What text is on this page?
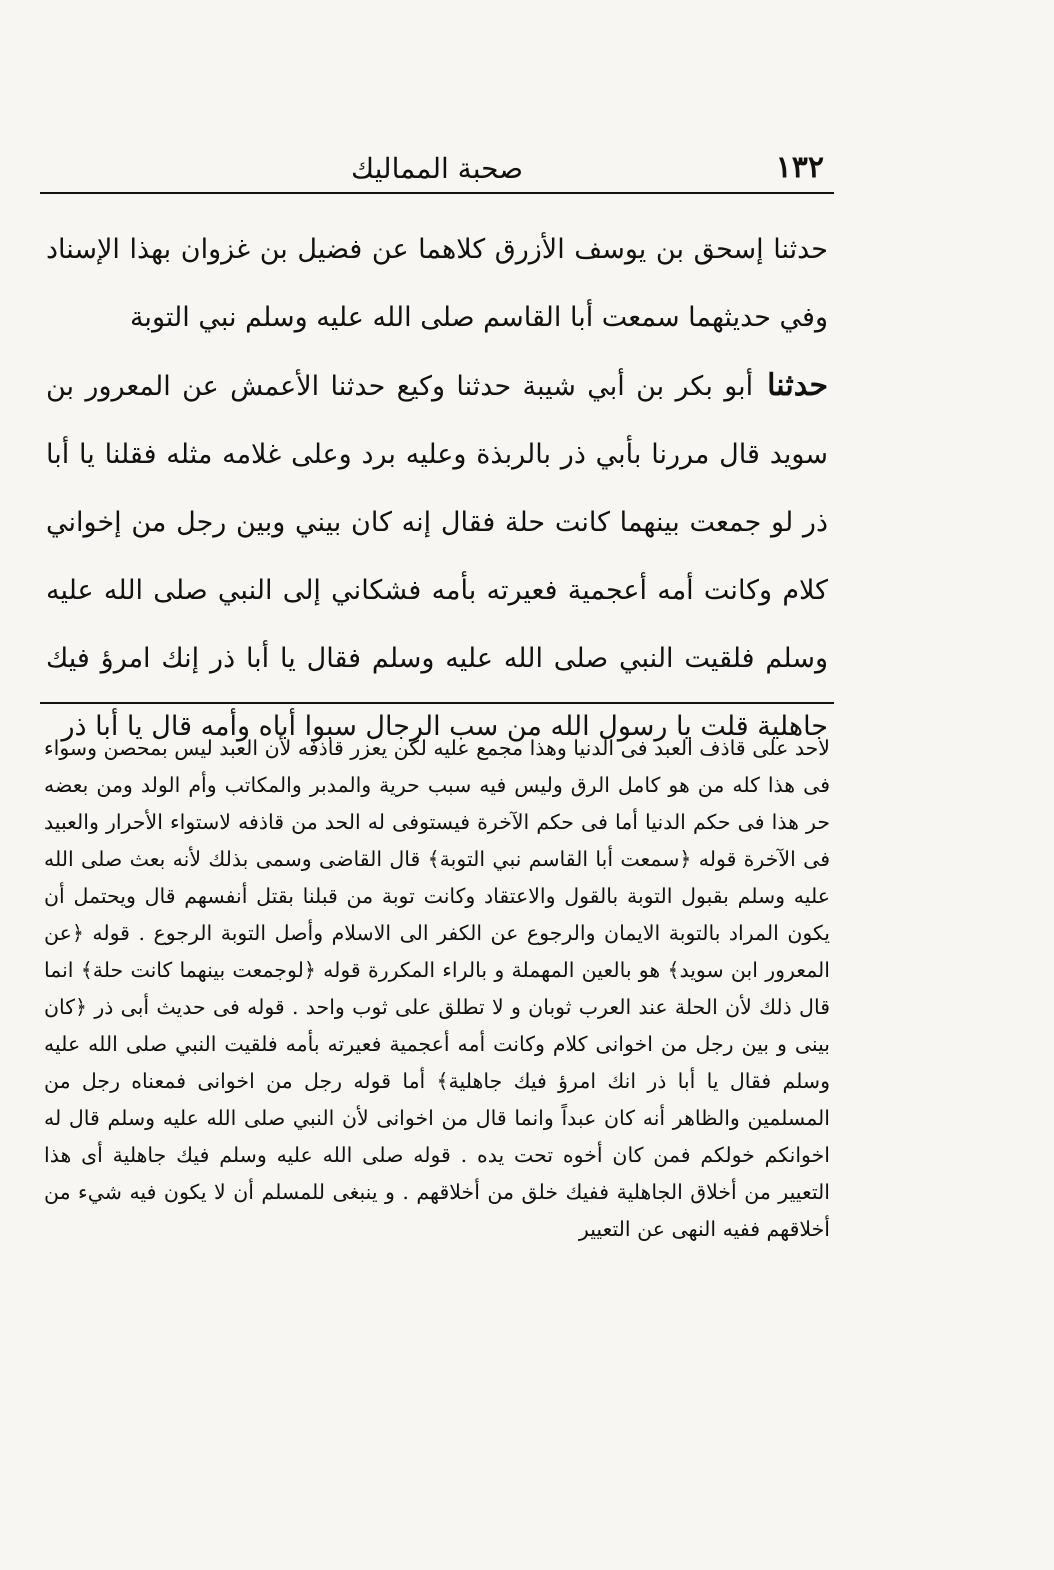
١٣٢
صحبة المماليك

حدثنا إسحق بن يوسف الأزرق كلاهما عن فضيل بن غزوان بهذا الإسناد وفي حديثهما سمعت أبا القاسم صلى الله عليه وسلم نبي التوبة

حدثناأبو بكر بن أبي شيبة حدثنا وكيع حدثنا الأعمش عن المعرور بن سويد قال مررنا بأبي ذر بالربذة وعليه برد وعلى غلامه مثله فقلنا يا أبا ذر لو جمعت بينهما كانت حلة فقال إنه كان بيني وبين رجل من إخواني كلام وكانت أمه أعجمية فعيرته بأمه فشكاني إلى النبي صلى الله عليه وسلم فلقيت النبي صلى الله عليه وسلم فقال يا أبا ذر إنك امرؤ فيك جاهلية قلت يا رسول الله من سب الرجال سبوا أباه وأمه قال يا أبا ذر

لاحد على قاذف العبد فى الدنيا وهذا مجمع عليه لكن يعزر قاذفه لأن العبد ليس بمحصن وسواء فى هذا كله من هو كامل الرق وليس فيه سبب حرية والمدبر والمكاتب وأم الولد ومن بعضه حر هذا فى حكم الدنيا أما فى حكم الآخرة فيستوفى له الحد من قاذفه لاستواء الأحرار والعبيد فى الآخرة قوله ﴿سمعت أبا القاسم نبي التوبة﴾ قال القاضى وسمى بذلك لأنه بعث صلى الله عليه وسلم بقبول التوبة بالقول والاعتقاد وكانت توبة من قبلنا بقتل أنفسهم قال ويحتمل أن يكون المراد بالتوبة الايمان والرجوع عن الكفر الى الاسلام وأصل التوبة الرجوع . قوله ﴿عن المعرور ابن سويد﴾ هو بالعين المهملة و بالراء المكررة قوله ﴿لوجمعت بينهما كانت حلة﴾ انما قال ذلك لأن الحلة عند العرب ثوبان و لا تطلق على ثوب واحد . قوله فى حديث أبى ذر ﴿كان بينى و بين رجل من اخوانى كلام وكانت أمه أعجمية فعيرته بأمه فلقيت النبي صلى الله عليه وسلم فقال يا أبا ذر انك امرؤ فيك جاهلية﴾ أما قوله رجل من اخوانى فمعناه رجل من المسلمين والظاهر أنه كان عبداً وانما قال من اخوانى لأن النبي صلى الله عليه وسلم قال له اخوانكم خولكم فمن كان أخوه تحت يده . قوله صلى الله عليه وسلم فيك جاهلية أى هذا التعيير من أخلاق الجاهلية ففيك خلق من أخلاقهم . و ينبغى للمسلم أن لا يكون فيه شيء من أخلاقهم ففيه النهى عن التعيير
